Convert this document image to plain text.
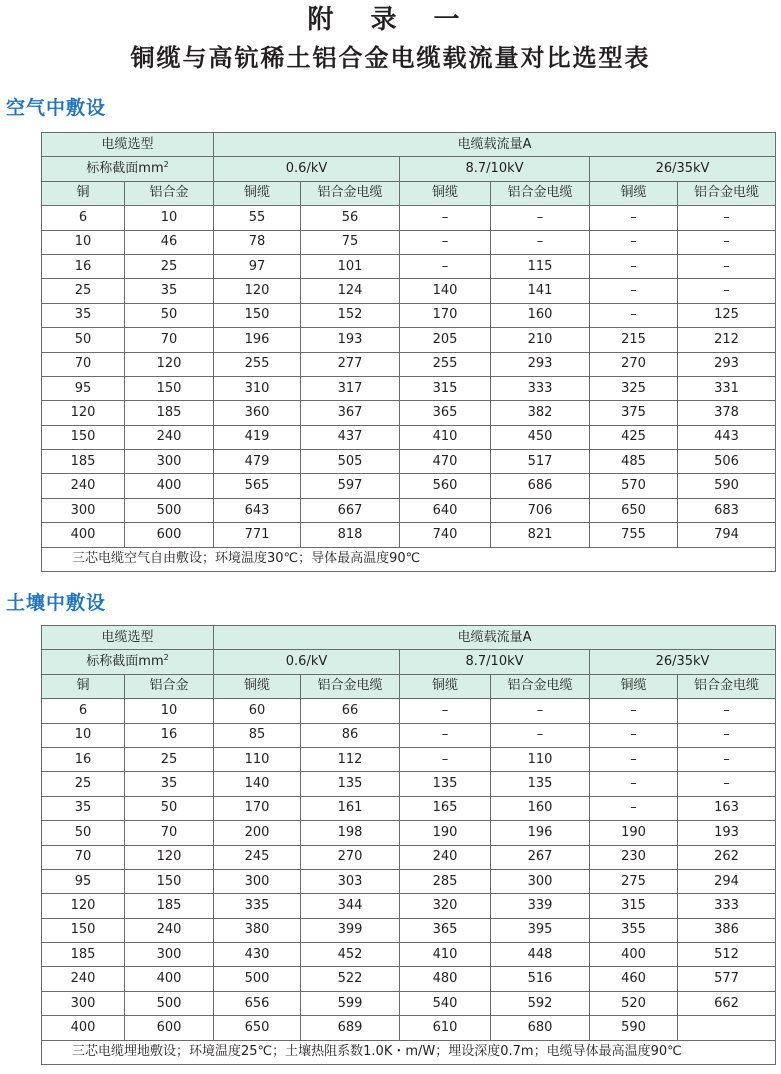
附 录 一
铜缆与高钪稀土铝合金电缆载流量对比选型表
空气中敷设
电缆选型		电缆载流量A					
标称截面$mm^2$		0.6/kV		8.7/10kV		26/35kV	
铜	铝合金	铜缆	铝合金电缆	铜缆	铝合金电缆	铜缆	铝合金电缆
6	10	55	56	–	–	–	–
10	46	78	75	–	–	–	–
16	25	97	101	–	115	–	–
25	35	120	124	140	141	–	–
35	50	150	152	170	160	–	125
50	70	196	193	205	210	215	212
70	120	255	277	255	293	270	293
95	150	310	317	315	333	325	331
120	185	360	367	365	382	375	378
150	240	419	437	410	450	425	443
185	300	479	505	470	517	485	506
240	400	565	597	560	686	570	590
300	500	643	667	640	706	650	683
400	600	771	818	740	821	755	794
三芯电缆空气自由敷设；环境温度30℃；导体最高温度90℃							
土壤中敷设
电缆选型		电缆载流量A					
标称截面$mm^2$		0.6/kV		8.7/10kV		26/35kV	
铜	铝合金	铜缆	铝合金电缆	铜缆	铝合金电缆	铜缆	铝合金电缆
6	10	60	66	–	–	–	–
10	16	85	86	–	–	–	–
16	25	110	112	–	110	–	–
25	35	140	135	135	135	–	–
35	50	170	161	165	160	–	163
50	70	200	198	190	196	190	193
70	120	245	270	240	267	230	262
95	150	300	303	285	300	275	294
120	185	335	344	320	339	315	333
150	240	380	399	365	395	355	386
185	300	430	452	410	448	400	512
240	400	500	522	480	516	460	577
300	500	656	599	540	592	520	662
400	600	650	689	610	680	590	
三芯电缆埋地敷设；环境温度25℃；土壤热阻系数1.0K・m/W；埋设深度0.7m；电缆导体最高温度90℃							
